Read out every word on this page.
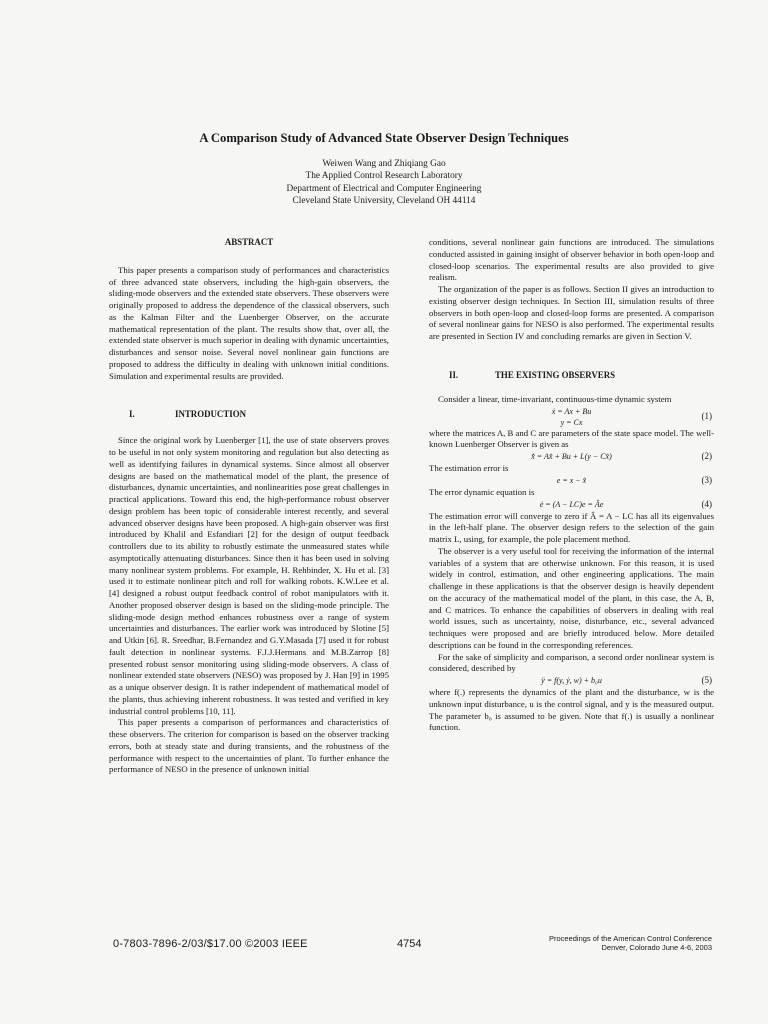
A Comparison Study of Advanced State Observer Design Techniques
Weiwen Wang and Zhiqiang Gao
The Applied Control Research Laboratory
Department of Electrical and Computer Engineering
Cleveland State University, Cleveland OH 44114
ABSTRACT

This paper presents a comparison study of performances and characteristics of three advanced state observers, including the high-gain observers, the sliding-mode observers and the extended state observers. These observers were originally proposed to address the dependence of the classical observers, such as the Kalman Filter and the Luenberger Observer, on the accurate mathematical representation of the plant. The results show that, over all, the extended state observer is much superior in dealing with dynamic uncertainties, disturbances and sensor noise. Several novel nonlinear gain functions are proposed to address the difficulty in dealing with unknown initial conditions. Simulation and experimental results are provided.

I.	INTRODUCTION

Since the original work by Luenberger [1], the use of state observers proves to be useful in not only system monitoring and regulation but also detecting as well as identifying failures in dynamical systems. Since almost all observer designs are based on the mathematical model of the plant, the presence of disturbances, dynamic uncertainties, and nonlinearities pose great challenges in practical applications. Toward this end, the high-performance robust observer design problem has been topic of considerable interest recently, and several advanced observer designs have been proposed. A high-gain observer was first introduced by Khalil and Esfandiari [2] for the design of output feedback controllers due to its ability to robustly estimate the unmeasured states while asymptotically attenuating disturbances. Since then it has been used in solving many nonlinear system problems. For example, H. Rehbinder, X. Hu et al. [3] used it to estimate nonlinear pitch and roll for walking robots. K.W.Lee et al. [4] designed a robust output feedback control of robot manipulators with it. Another proposed observer design is based on the sliding-mode principle. The sliding-mode design method enhances robustness over a range of system uncertainties and disturbances. The earlier work was introduced by Slotine [5] and Utkin [6]. R. Sreedhar, B.Fernandez and G.Y.Masada [7] used it for robust fault detection in nonlinear systems. F.J.J.Hermans and M.B.Zarrop [8] presented robust sensor monitoring using sliding-mode observers. A class of nonlinear extended state observers (NESO) was proposed by J. Han [9] in 1995 as a unique observer design. It is rather independent of mathematical model of the plants, thus achieving inherent robustness. It was tested and verified in key industrial control problems [10, 11].

This paper presents a comparison of performances and characteristics of these observers. The criterion for comparison is based on the observer tracking errors, both at steady state and during transients, and the robustness of the performance with respect to the uncertainties of plant. To further enhance the performance of NESO in the presence of unknown initial

conditions, several nonlinear gain functions are introduced. The simulations conducted assisted in gaining insight of observer behavior in both open-loop and closed-loop scenarios. The experimental results are also provided to give realism.

The organization of the paper is as follows. Section II gives an introduction to existing observer design techniques. In Section III, simulation results of three observers in both open-loop and closed-loop forms are presented. A comparison of several nonlinear gains for NESO is also performed. The experimental results are presented in Section IV and concluding remarks are given in Section V.

II.	THE EXISTING OBSERVERS

Consider a linear, time-invariant, continuous-time dynamic system

ẋ = Ax + Bu
y = Cx
(1)

where the matrices A, B and C are parameters of the state space model. The well-known Luenberger Observer is given as

x̂̇ = Ax̂ + Bu + L(y − Cx̂)	(2)

The estimation error is

e = x − x̂	(3)

The error dynamic equation is

ė = (A − LC)e = Âe	(4)

The estimation error will converge to zero if Â = A − LC has all its eigenvalues in the left-half plane. The observer design refers to the selection of the gain matrix L, using, for example, the pole placement method.

The observer is a very useful tool for receiving the information of the internal variables of a system that are otherwise unknown. For this reason, it is used widely in control, estimation, and other engineering applications. The main challenge in these applications is that the observer design is heavily dependent on the accuracy of the mathematical model of the plant, in this case, the A, B, and C matrices. To enhance the capabilities of observers in dealing with real world issues, such as uncertainty, noise, disturbance, etc., several advanced techniques were proposed and are briefly introduced below. More detailed descriptions can be found in the corresponding references.

For the sake of simplicity and comparison, a second order nonlinear system is considered, described by

ÿ = f(y, ẏ, w) + b₀u	(5)

where f(.) represents the dynamics of the plant and the disturbance, w is the unknown input disturbance, u is the control signal, and y is the measured output. The parameter b₀ is assumed to be given. Note that f(.) is usually a nonlinear function.

0-7803-7896-2/03/$17.00 ©2003 IEEE	4754	Proceedings of the American Control Conference
Denver, Colorado June 4-6, 2003
